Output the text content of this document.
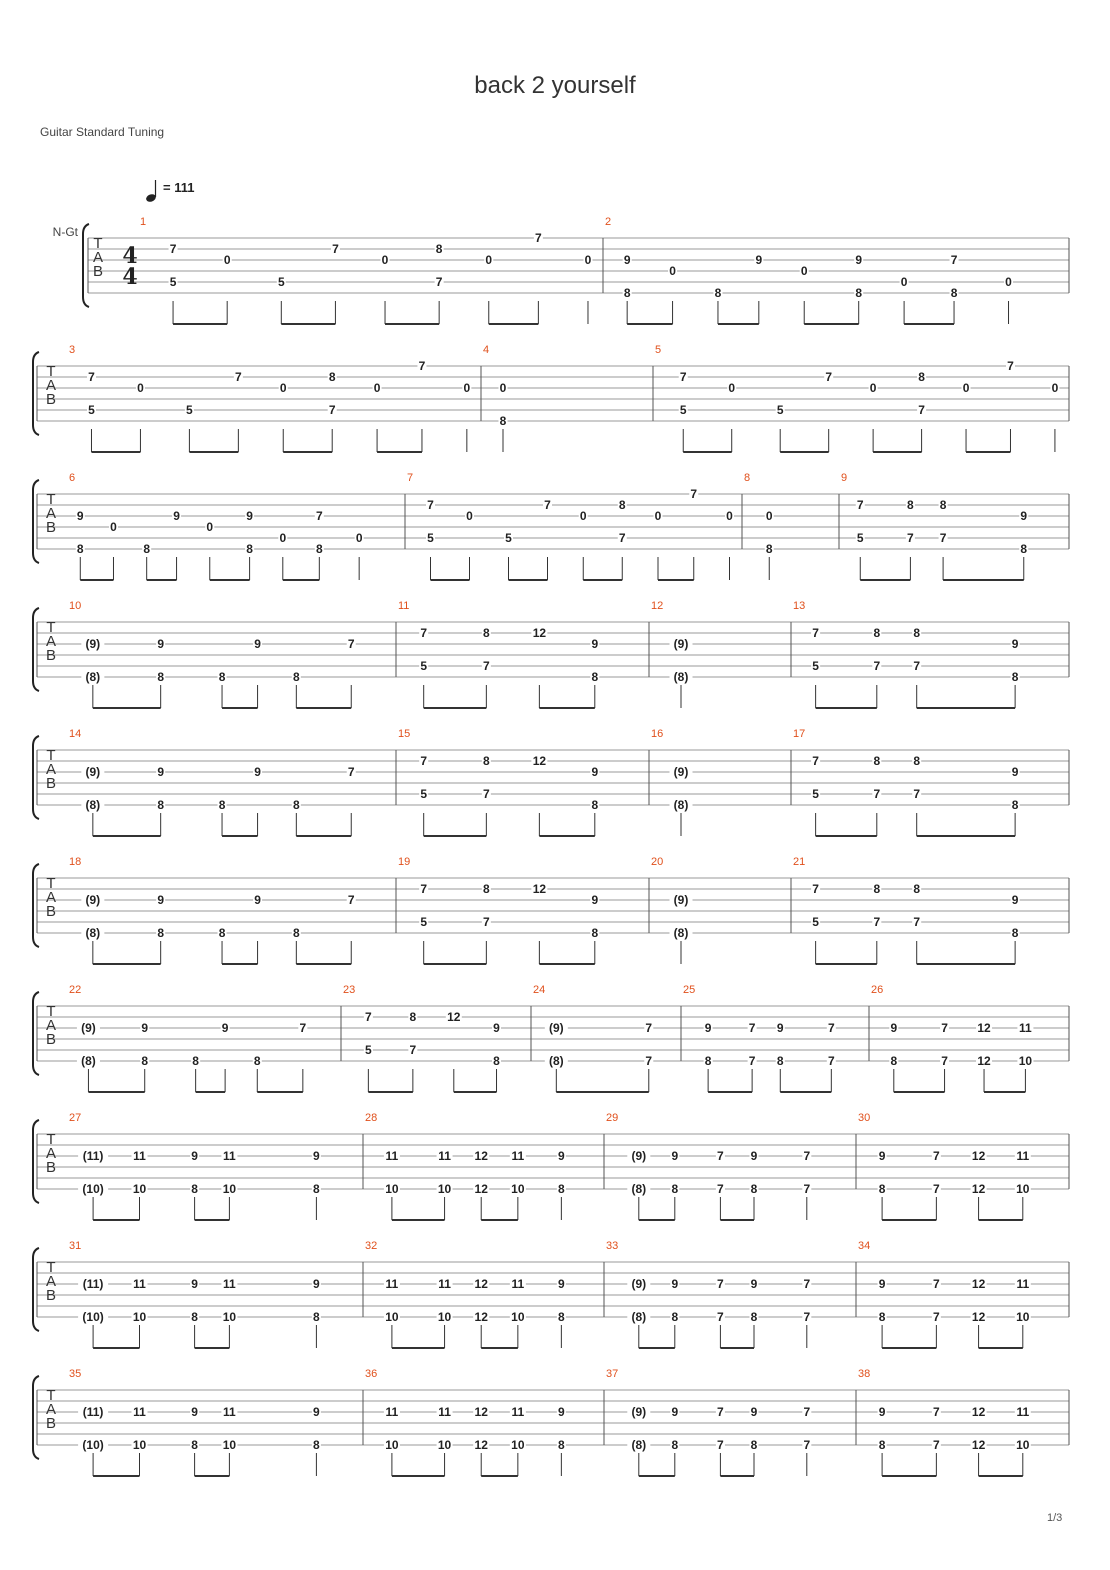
back 2 yourself
Guitar Standard Tuning
= 111
1/3
T
A
B
N-Gt
4
4
1
7
5
0
5
7
0
8
7
0
7
0
2
9
8
0
8
9
0
9
8
0
7
8
0
T
A
B
3
7
5
0
5
7
0
8
7
0
7
0
4
0
8
5
7
5
0
5
7
0
8
7
0
7
0
T
A
B
6
9
8
0
8
9
0
9
8
0
7
8
0
7
7
5
0
5
7
0
8
7
0
7
0
8
0
8
9
7
5
8
7
8
7
9
8
T
A
B
10
(9)
(8)
9
8	8
9
8
7
11
7
5
8
7
12
9
8
12
(9)
(8)
13
7
5
8
7
8
7
9
8
T
A
B
14
(9)
(8)
9
8	8
9
8
7
15
7
5
8
7
12
9
8
16
(9)
(8)
17
7
5
8
7
8
7
9
8
T
A
B
18
(9)
(8)
9
8	8
9
8
7
19
7
5
8
7
12
9
8
20
(9)
(8)
21
7
5
8
7
8
7
9
8
T
A
B
22
(9)
(8)
9
8	8
9
8
7
23
7
5
8
7
12
9
8
24
(9)
(8)
7
7
25
9
8
7
7
9
8
7
7
26
9
8
7
7
12
12
11
10
T
A
B
27
(11)
(10)
11
10
9
8
11
10
9
8
28
11
10
11
10
12
12
11
10
9
8
29
(9)
(8)
9
8
7
7
9
8
7
7
30
9
8
7
7
12
12
11
10
T
A
B
31
(11)
(10)
11
10
9
8
11
10
9
8
32
11
10
11
10
12
12
11
10
9
8
33
(9)
(8)
9
8
7
7
9
8
7
7
34
9
8
7
7
12
12
11
10
T
A
B
35
(11)
(10)
11
10
9
8
11
10
9
8
36
11
10
11
10
12
12
11
10
9
8
37
(9)
(8)
9
8
7
7
9
8
7
7
38
9
8
7
7
12
12
11
10
